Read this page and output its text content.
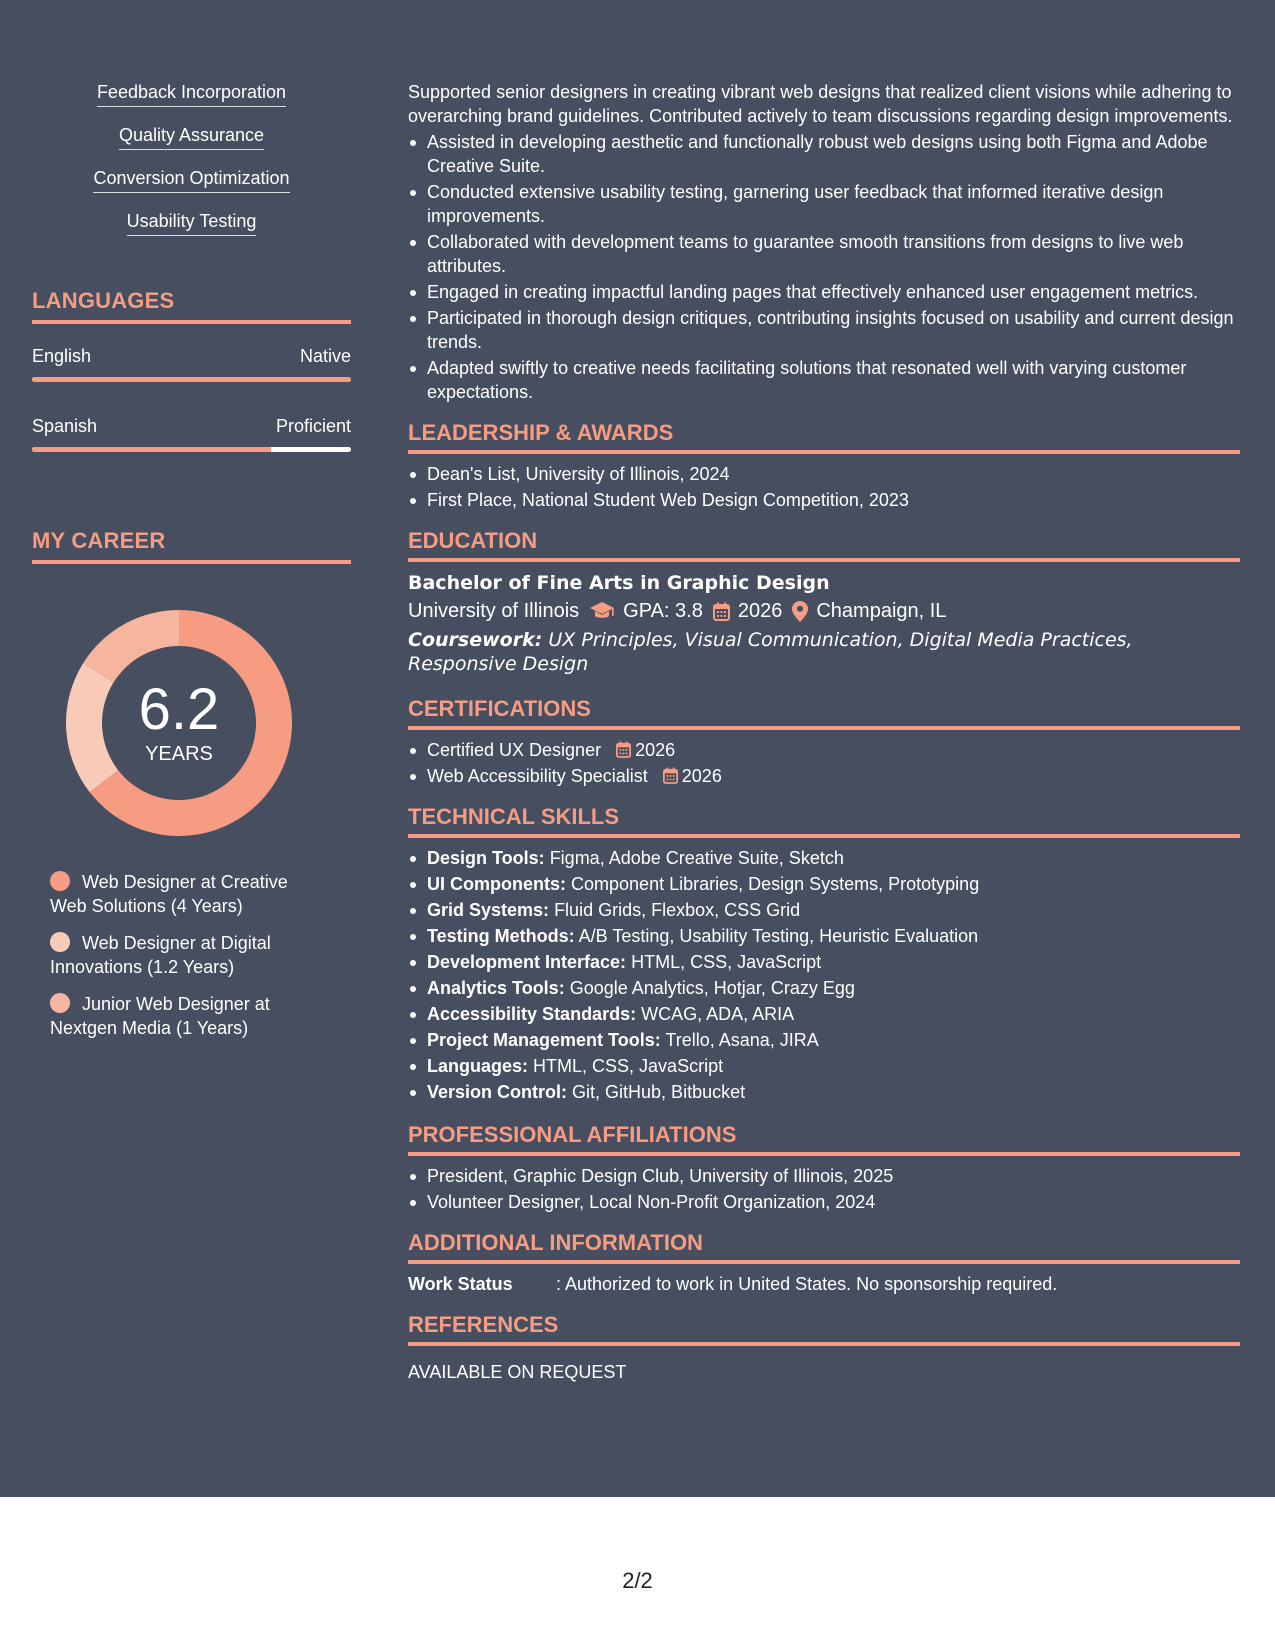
Feedback Incorporation
Quality Assurance
Conversion Optimization
Usability Testing
LANGUAGES
English	Native
Spanish	Proficient
MY CAREER
6.2
YEARS
Web Designer at Creative Web Solutions (4 Years)
Web Designer at Digital Innovations (1.2 Years)
Junior Web Designer at Nextgen Media (1 Years)

Supported senior designers in creating vibrant web designs that realized client visions while adhering to overarching brand guidelines. Contributed actively to team discussions regarding design improvements.

Assisted in developing aesthetic and functionally robust web designs using both Figma and Adobe Creative Suite.
Conducted extensive usability testing, garnering user feedback that informed iterative design improvements.
Collaborated with development teams to guarantee smooth transitions from designs to live web attributes.
Engaged in creating impactful landing pages that effectively enhanced user engagement metrics.
Participated in thorough design critiques, contributing insights focused on usability and current design trends.
Adapted swiftly to creative needs facilitating solutions that resonated well with varying customer expectations.
LEADERSHIP & AWARDS
Dean's List, University of Illinois, 2024
First Place, National Student Web Design Competition, 2023
EDUCATION
Bachelor of Fine Arts in Graphic Design
University of Illinois GPA: 3.8 2026 Champaign, IL
Coursework: UX Principles, Visual Communication, Digital Media Practices, Responsive Design
CERTIFICATIONS
Certified UX Designer 2026
Web Accessibility Specialist 2026
TECHNICAL SKILLS
Design Tools: Figma, Adobe Creative Suite, Sketch
UI Components: Component Libraries, Design Systems, Prototyping
Grid Systems: Fluid Grids, Flexbox, CSS Grid
Testing Methods: A/B Testing, Usability Testing, Heuristic Evaluation
Development Interface: HTML, CSS, JavaScript
Analytics Tools: Google Analytics, Hotjar, Crazy Egg
Accessibility Standards: WCAG, ADA, ARIA
Project Management Tools: Trello, Asana, JIRA
Languages: HTML, CSS, JavaScript
Version Control: Git, GitHub, Bitbucket
PROFESSIONAL AFFILIATIONS
President, Graphic Design Club, University of Illinois, 2025
Volunteer Designer, Local Non-Profit Organization, 2024
ADDITIONAL INFORMATION
Work Status	: Authorized to work in United States. No sponsorship required.
REFERENCES
AVAILABLE ON REQUEST
2/2
